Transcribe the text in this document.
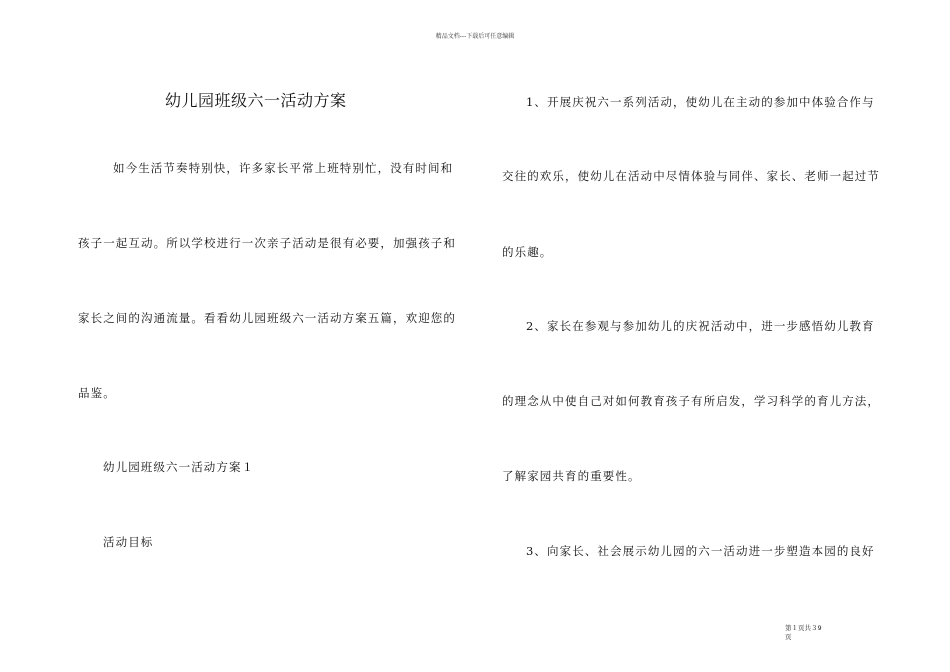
精品文档---下载后可任意编辑
幼儿园班级六一活动方案
如今生活节奏特别快，许多家长平常上班特别忙，没有时间和
孩子一起互动。所以学校进行一次亲子活动是很有必要，加强孩子和
家长之间的沟通流量。看看幼儿园班级六一活动方案五篇，欢迎您的
品鉴。
幼儿园班级六一活动方案１
活动目标
1、开展庆祝六一系列活动，使幼儿在主动的参加中体验合作与
交往的欢乐，使幼儿在活动中尽情体验与同伴、家长、老师一起过节
的乐趣。
2、家长在参观与参加幼儿的庆祝活动中，进一步感悟幼儿教育
的理念从中使自己对如何教育孩子有所启发，学习科学的育儿方法，
了解家园共育的重要性。
3、向家长、社会展示幼儿园的六一活动进一步塑造本园的良好
第１页共３9
页
